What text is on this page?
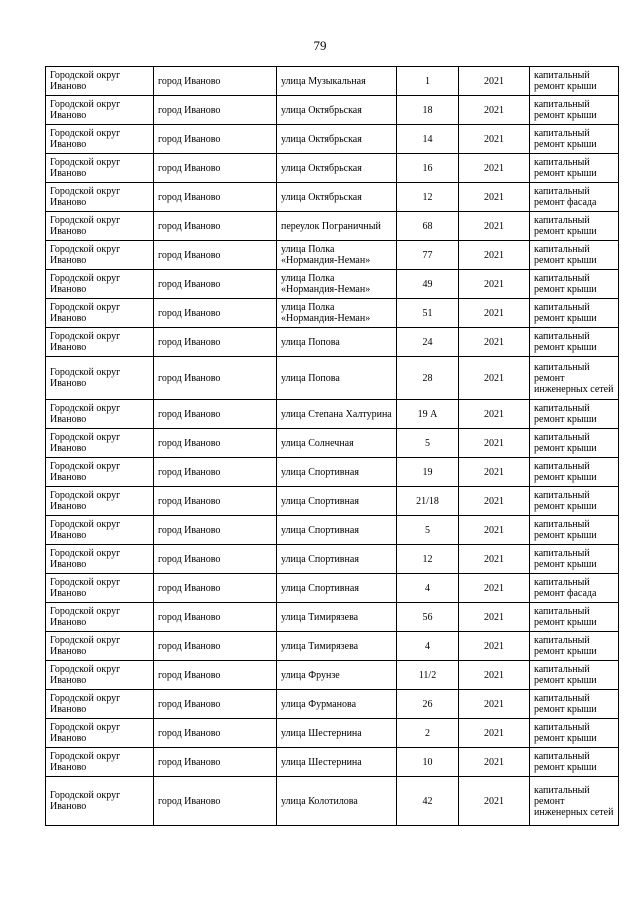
79
Городской округ Иваново	город Иваново	улица Музыкальная	1	2021	капитальный ремонт крыши
Городской округ Иваново	город Иваново	улица Октябрьская	18	2021	капитальный ремонт крыши
Городской округ Иваново	город Иваново	улица Октябрьская	14	2021	капитальный ремонт крыши
Городской округ Иваново	город Иваново	улица Октябрьская	16	2021	капитальный ремонт крыши
Городской округ Иваново	город Иваново	улица Октябрьская	12	2021	капитальный ремонт фасада
Городской округ Иваново	город Иваново	переулок Пограничный	68	2021	капитальный ремонт крыши
Городской округ Иваново	город Иваново	улица Полка «Нормандия-Неман»	77	2021	капитальный ремонт крыши
Городской округ Иваново	город Иваново	улица Полка «Нормандия-Неман»	49	2021	капитальный ремонт крыши
Городской округ Иваново	город Иваново	улица Полка «Нормандия-Неман»	51	2021	капитальный ремонт крыши
Городской округ Иваново	город Иваново	улица Попова	24	2021	капитальный ремонт крыши
Городской округ Иваново	город Иваново	улица Попова	28	2021	капитальный ремонт инженерных сетей
Городской округ Иваново	город Иваново	улица Степана Халтурина	19 А	2021	капитальный ремонт крыши
Городской округ Иваново	город Иваново	улица Солнечная	5	2021	капитальный ремонт крыши
Городской округ Иваново	город Иваново	улица Спортивная	19	2021	капитальный ремонт крыши
Городской округ Иваново	город Иваново	улица Спортивная	21/18	2021	капитальный ремонт крыши
Городской округ Иваново	город Иваново	улица Спортивная	5	2021	капитальный ремонт крыши
Городской округ Иваново	город Иваново	улица Спортивная	12	2021	капитальный ремонт крыши
Городской округ Иваново	город Иваново	улица Спортивная	4	2021	капитальный ремонт фасада
Городской округ Иваново	город Иваново	улица Тимирязева	56	2021	капитальный ремонт крыши
Городской округ Иваново	город Иваново	улица Тимирязева	4	2021	капитальный ремонт крыши
Городской округ Иваново	город Иваново	улица Фрунзе	11/2	2021	капитальный ремонт крыши
Городской округ Иваново	город Иваново	улица Фурманова	26	2021	капитальный ремонт крыши
Городской округ Иваново	город Иваново	улица Шестернина	2	2021	капитальный ремонт крыши
Городской округ Иваново	город Иваново	улица Шестернина	10	2021	капитальный ремонт крыши
Городской округ Иваново	город Иваново	улица Колотилова	42	2021	капитальный ремонт инженерных сетей
